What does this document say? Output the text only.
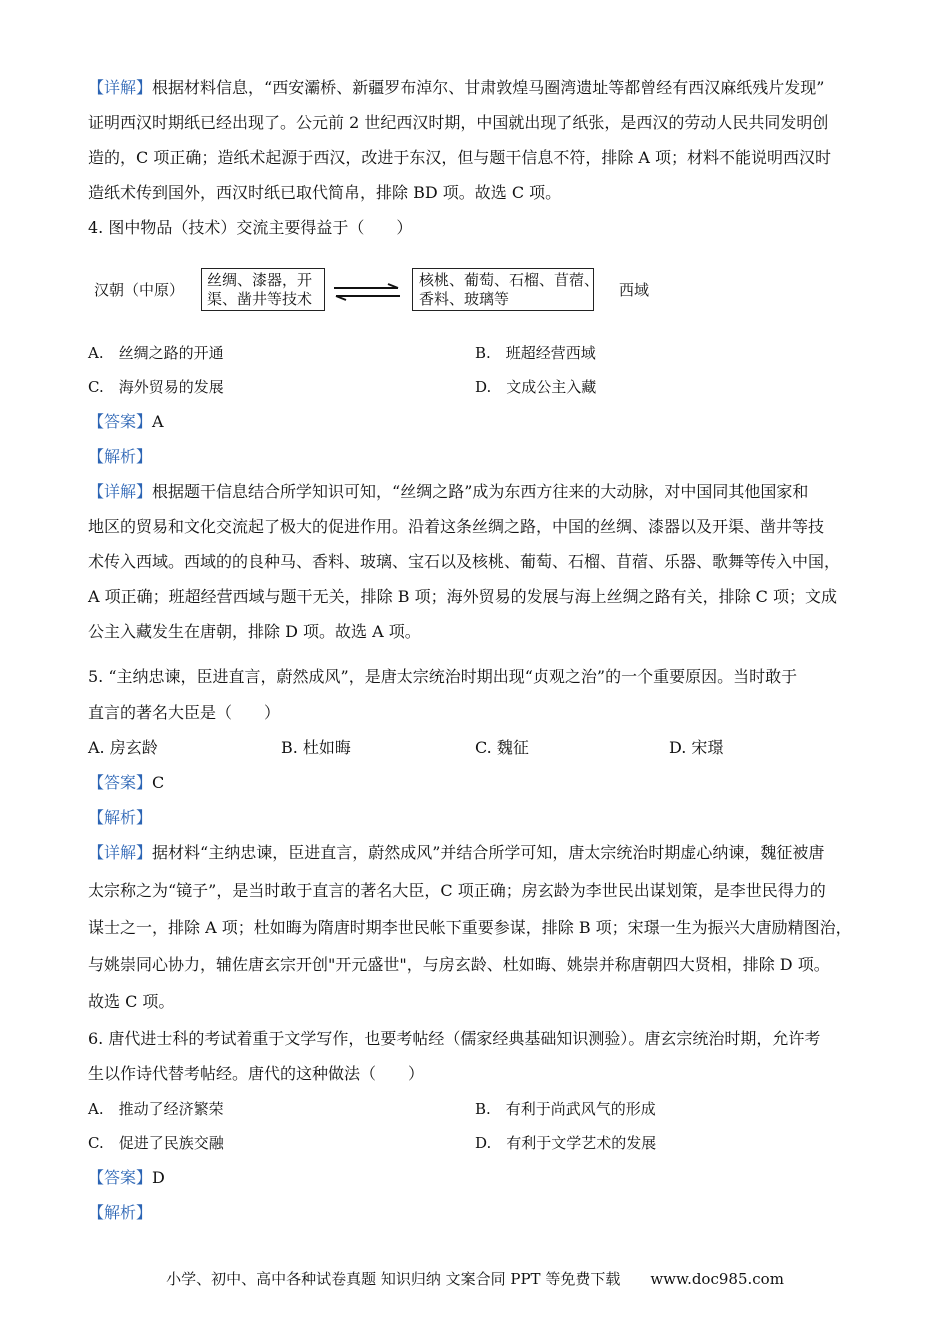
【详解】根据材料信息，“西安灞桥、新疆罗布淖尔、甘肃敦煌马圈湾遗址等都曾经有西汉麻纸残片发现”
证明西汉时期纸已经出现了。公元前 2 世纪西汉时期，中国就出现了纸张，是西汉的劳动人民共同发明创
造的，C 项正确；造纸术起源于西汉，改进于东汉，但与题干信息不符，排除 A 项；材料不能说明西汉时
造纸术传到国外，西汉时纸已取代简帛，排除 BD 项。故选 C 项。
4. 图中物品（技术）交流主要得益于（　　）
汉朝（中原）
丝绸、漆器，开
渠、凿井等技术
核桃、葡萄、石榴、苜蓿、
香料、玻璃等	西域
A.　丝绸之路的开通	B.　班超经营西域
C.　海外贸易的发展	D.　文成公主入藏
【答案】A
【解析】
【详解】根据题干信息结合所学知识可知，“丝绸之路”成为东西方往来的大动脉，对中国同其他国家和
地区的贸易和文化交流起了极大的促进作用。沿着这条丝绸之路，中国的丝绸、漆器以及开渠、凿井等技
术传入西域。西域的的良种马、香料、玻璃、宝石以及核桃、葡萄、石榴、苜蓿、乐器、歌舞等传入中国，
A 项正确；班超经营西域与题干无关，排除 B 项；海外贸易的发展与海上丝绸之路有关，排除 C 项；文成
公主入藏发生在唐朝，排除 D 项。故选 A 项。
5. “主纳忠谏，臣进直言，蔚然成风”，是唐太宗统治时期出现“贞观之治”的一个重要原因。当时敢于
直言的著名大臣是（　　）
A. 房玄龄	B. 杜如晦	C. 魏征	D. 宋璟
【答案】C
【解析】
【详解】据材料“主纳忠谏，臣进直言，蔚然成风”并结合所学可知，唐太宗统治时期虚心纳谏，魏征被唐
太宗称之为“镜子”，是当时敢于直言的著名大臣，C 项正确；房玄龄为李世民出谋划策，是李世民得力的
谋士之一，排除 A 项；杜如晦为隋唐时期李世民帐下重要参谋，排除 B 项；宋璟一生为振兴大唐励精图治，
与姚崇同心协力，辅佐唐玄宗开创"开元盛世"，与房玄龄、杜如晦、姚崇并称唐朝四大贤相，排除 D 项。
故选 C 项。
6. 唐代进士科的考试着重于文学写作，也要考帖经（儒家经典基础知识测验）。唐玄宗统治时期，允许考
生以作诗代替考帖经。唐代的这种做法（　　）
A.　推动了经济繁荣	B.　有利于尚武风气的形成
C.　促进了民族交融	D.　有利于文学艺术的发展
【答案】D
【解析】
小学、初中、高中各种试卷真题 知识归纳 文案合同 PPT 等免费下载　　www.doc985.com
